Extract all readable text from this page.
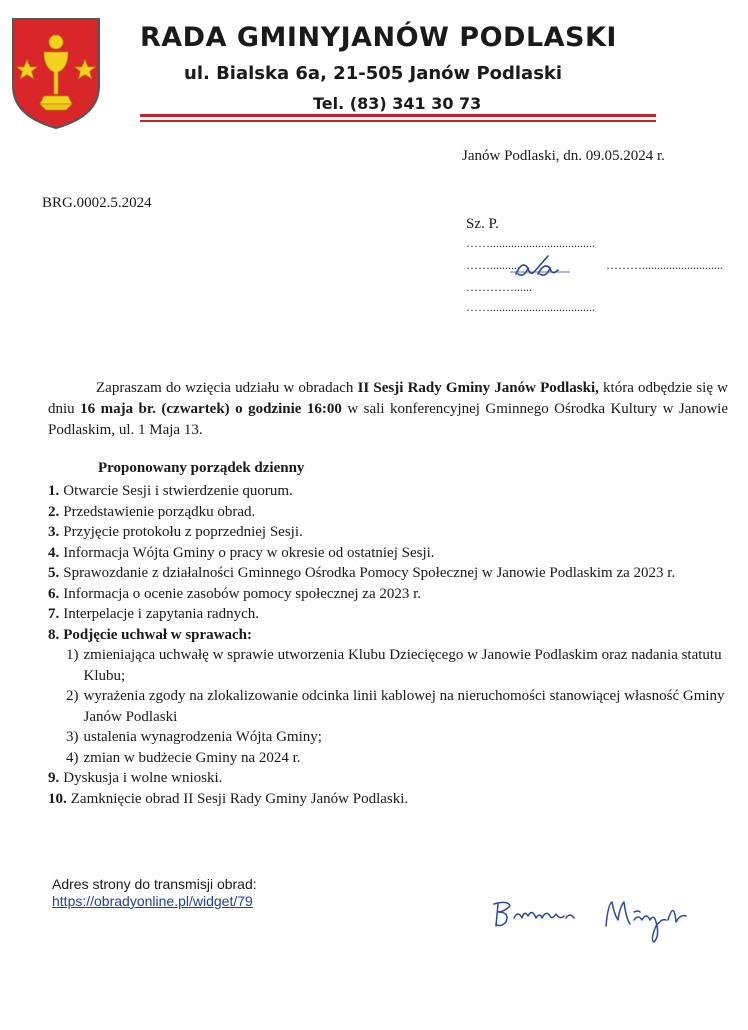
RADA GMINYJANÓW PODLASKI
ul. Bialska 6a, 21-505 Janów Podlaski
Tel. (83) 341 30 73
Janów Podlaski, dn. 09.05.2024 r.
BRG.0002.5.2024
Sz. P.
……...................................
……..........	………...........................
…………......
……...................................
Zapraszam do wzięcia udziału w obradach II Sesji Rady Gminy Janów Podlaski, która odbędzie się w dniu 16 maja br. (czwartek) o godzinie 16:00 w sali konferencyjnej Gminnego Ośrodka Kultury w Janowie Podlaskim, ul. 1 Maja 13.
Proponowany porządek dzienny
1. Otwarcie Sesji i stwierdzenie quorum.
2. Przedstawienie porządku obrad.
3. Przyjęcie protokołu z poprzedniej Sesji.
4. Informacja Wójta Gminy o pracy w okresie od ostatniej Sesji.
5. Sprawozdanie z działalności Gminnego Ośrodka Pomocy Społecznej w Janowie Podlaskim za 2023 r.
6. Informacja o ocenie zasobów pomocy społecznej za 2023 r.
7. Interpelacje i zapytania radnych.
8. Podjęcie uchwał w sprawach:
1) zmieniająca uchwałę w sprawie utworzenia Klubu Dziecięcego w Janowie Podlaskim oraz nadania statutu Klubu;
2) wyrażenia zgody na zlokalizowanie odcinka linii kablowej na nieruchomości stanowiącej własność Gminy Janów Podlaski
3) ustalenia wynagrodzenia Wójta Gminy;
4) zmian w budżecie Gminy na 2024 r.
9. Dyskusja i wolne wnioski.
10. Zamknięcie obrad II Sesji Rady Gminy Janów Podlaski.
Adres strony do transmisji obrad:
https://obradyonline.pl/widget/79
